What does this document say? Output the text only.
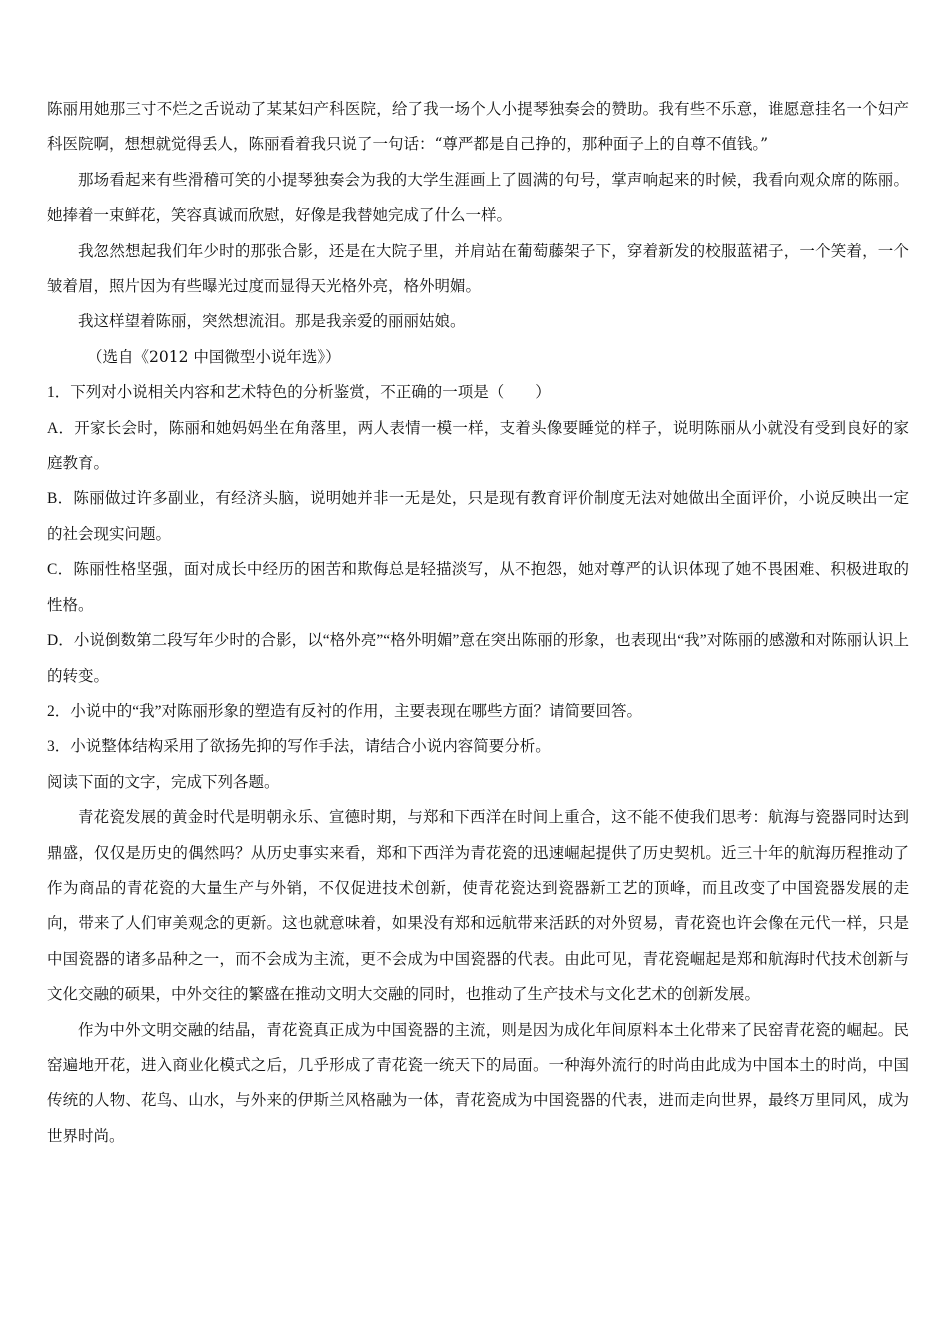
陈丽用她那三寸不烂之舌说动了某某妇产科医院，给了我一场个人小提琴独奏会的赞助。我有些不乐意，谁愿意挂名一个妇产科医院啊，想想就觉得丢人，陈丽看着我只说了一句话：“尊严都是自己挣的，那种面子上的自尊不值钱。”

那场看起来有些滑稽可笑的小提琴独奏会为我的大学生涯画上了圆满的句号，掌声响起来的时候，我看向观众席的陈丽。她捧着一束鲜花，笑容真诚而欣慰，好像是我替她完成了什么一样。

我忽然想起我们年少时的那张合影，还是在大院子里，并肩站在葡萄藤架子下，穿着新发的校服蓝裙子，一个笑着，一个皱着眉，照片因为有些曝光过度而显得天光格外亮，格外明媚。

我这样望着陈丽，突然想流泪。那是我亲爱的丽丽姑娘。

（选自《2012 中国微型小说年选》）

1．下列对小说相关内容和艺术特色的分析鉴赏，不正确的一项是（　　）

A．开家长会时，陈丽和她妈妈坐在角落里，两人表情一模一样，支着头像要睡觉的样子，说明陈丽从小就没有受到良好的家庭教育。

B．陈丽做过许多副业，有经济头脑，说明她并非一无是处，只是现有教育评价制度无法对她做出全面评价，小说反映出一定的社会现实问题。

C．陈丽性格坚强，面对成长中经历的困苦和欺侮总是轻描淡写，从不抱怨，她对尊严的认识体现了她不畏困难、积极进取的性格。

D．小说倒数第二段写年少时的合影，以“格外亮”“格外明媚”意在突出陈丽的形象，也表现出“我”对陈丽的感激和对陈丽认识上的转变。

2．小说中的“我”对陈丽形象的塑造有反衬的作用，主要表现在哪些方面？请简要回答。

3．小说整体结构采用了欲扬先抑的写作手法，请结合小说内容简要分析。

阅读下面的文字，完成下列各题。

青花瓷发展的黄金时代是明朝永乐、宣德时期，与郑和下西洋在时间上重合，这不能不使我们思考：航海与瓷器同时达到鼎盛，仅仅是历史的偶然吗？从历史事实来看，郑和下西洋为青花瓷的迅速崛起提供了历史契机。近三十年的航海历程推动了作为商品的青花瓷的大量生产与外销，不仅促进技术创新，使青花瓷达到瓷器新工艺的顶峰，而且改变了中国瓷器发展的走向，带来了人们审美观念的更新。这也就意味着，如果没有郑和远航带来活跃的对外贸易，青花瓷也许会像在元代一样，只是中国瓷器的诸多品种之一，而不会成为主流，更不会成为中国瓷器的代表。由此可见，青花瓷崛起是郑和航海时代技术创新与文化交融的硕果，中外交往的繁盛在推动文明大交融的同时，也推动了生产技术与文化艺术的创新发展。

作为中外文明交融的结晶，青花瓷真正成为中国瓷器的主流，则是因为成化年间原料本土化带来了民窑青花瓷的崛起。民窑遍地开花，进入商业化模式之后，几乎形成了青花瓷一统天下的局面。一种海外流行的时尚由此成为中国本土的时尚，中国传统的人物、花鸟、山水，与外来的伊斯兰风格融为一体，青花瓷成为中国瓷器的代表，进而走向世界，最终万里同风，成为世界时尚。
